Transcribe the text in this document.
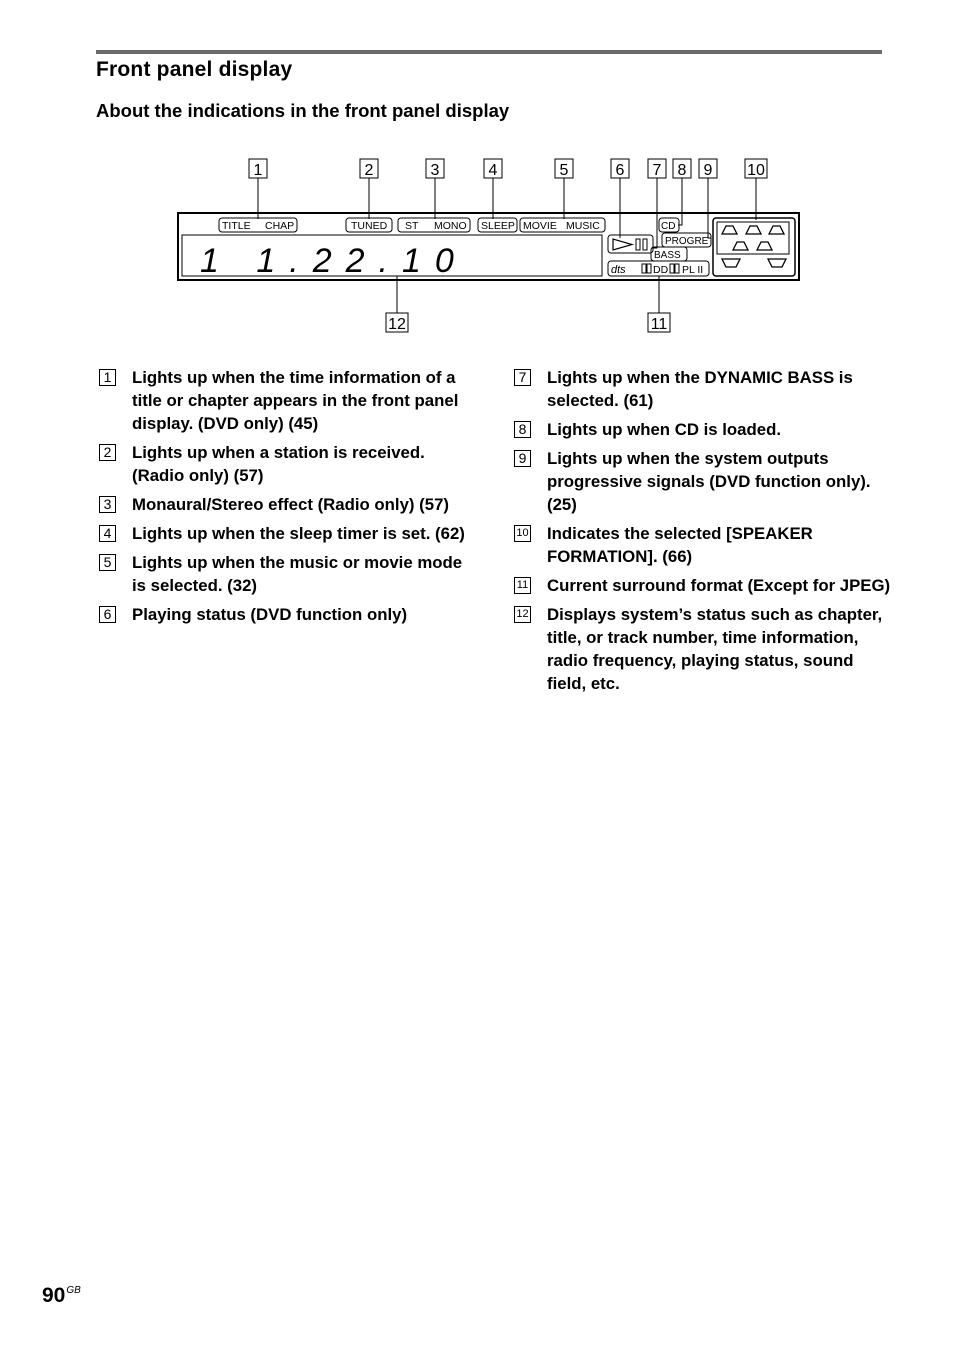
Front panel display
About the indications in the front panel display
1	2	3	4	5	6 7 8 9 10
TITLE CHAP	TUNED ST MONO SLEEP MOVIE MUSIC	CD
PROGRE
BASS
dts	DD PL II
1 1.22.10
12	11
1 Lights up when the time information of a title or chapter appears in the front panel display. (DVD only) (45)
2 Lights up when a station is received. (Radio only) (57)
3 Monaural/Stereo effect (Radio only) (57)
4 Lights up when the sleep timer is set. (62)
5 Lights up when the music or movie mode is selected. (32)
6 Playing status (DVD function only)
7 Lights up when the DYNAMIC BASS is selected. (61)
8 Lights up when CD is loaded.
9 Lights up when the system outputs progressive signals (DVD function only). (25)
10 Indicates the selected [SPEAKER FORMATION]. (66)
11 Current surround format (Except for JPEG)
12 Displays system’s status such as chapter, title, or track number, time information, radio frequency, playing status, sound field, etc.
$90^{GB}$
